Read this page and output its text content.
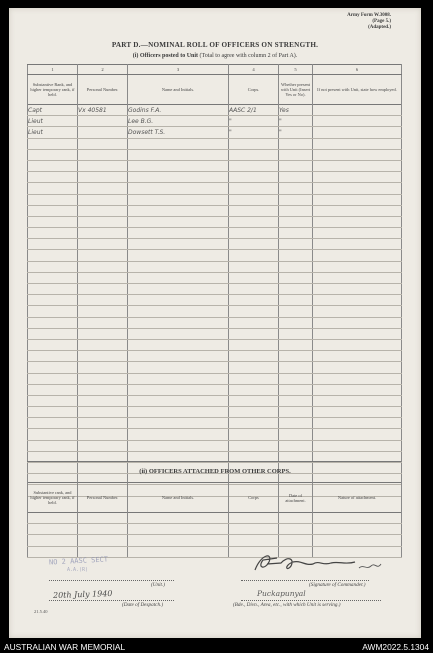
Army Form W.3008.
(Page 5.)
(Adapted.)
PART D.—NOMINAL ROLL OF OFFICERS ON STRENGTH.
(i) Officers posted to Unit (Total to agree with column 2 of Part A).
1	2	3	4	5	6
Substantive Rank, and higher temporary rank, if held.	Personal Number.	Name and Initials.	Corps.	Whether present with Unit (Insert Yes or No).	If not present with Unit, state how employed.
Capt	Vx 40581	Godins F.A.	AASC 2/1	Yes	
Lieut		Lee B.G.	"	"	
Lieut		Dowsett T.S.	"	"	

(ii) OFFICERS ATTACHED FROM OTHER CORPS.
Substantive rank, and higher temporary rank, if held.	Personal Number.	Name and Initials.	Corps	Date of attachment.	Nature of attachment.

NO 2 AASC SECT
A.A.(R)
(Unit.)
FGodins
(Signature of Commander.)
20th July 1940
(Date of Despatch.)
Puckapunyal
(Bde., Divn., Area, etc., with which Unit is serving.)
21.5.40
AUSTRALIAN WAR MEMORIAL	AWM2022.5.1304
